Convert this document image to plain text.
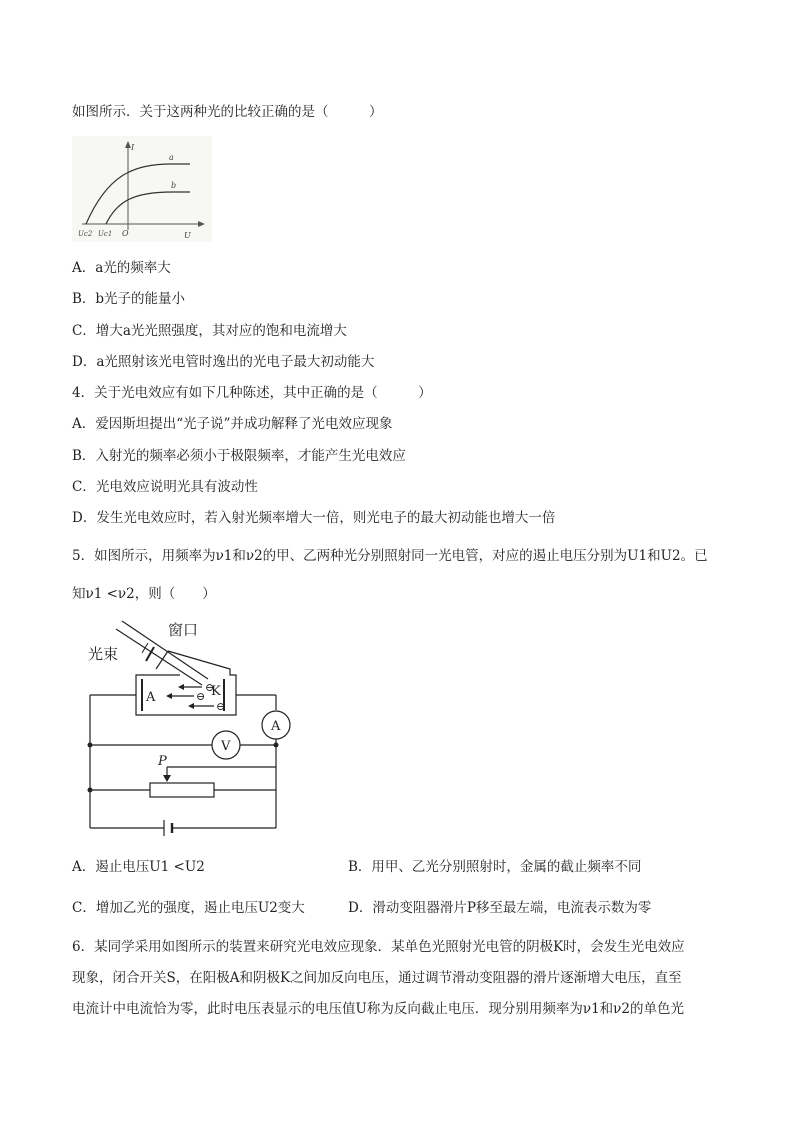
如图所示．关于这两种光的比较正确的是（　　　）
I
U
O
a
b
Uc2 Uc1
A．a光的频率大
B．b光子的能量小
C．增大a光光照强度，其对应的饱和电流增大
D．a光照射该光电管时逸出的光电子最大初动能大
4．关于光电效应有如下几种陈述，其中正确的是（　　　）
A．爱因斯坦提出“光子说”并成功解释了光电效应现象
B．入射光的频率必须小于极限频率，才能产生光电效应
C．光电效应说明光具有波动性
D．发生光电效应时，若入射光频率增大一倍，则光电子的最大初动能也增大一倍
5．如图所示，用频率为ν1和ν2的甲、乙两种光分别照射同一光电管，对应的遏止电压分别为U1和U2。已
知ν1 <ν2，则（　　）
A	K
⊖
⊖
⊖
窗口
光束
A
V
P
A．遏止电压U1 <U2	B．用甲、乙光分别照射时，金属的截止频率不同
C．增加乙光的强度，遏止电压U2变大	D．滑动变阻器滑片P移至最左端，电流表示数为零
6．某同学采用如图所示的装置来研究光电效应现象．某单色光照射光电管的阴极K时，会发生光电效应
现象，闭合开关S，在阳极A和阴极K之间加反向电压，通过调节滑动变阻器的滑片逐渐增大电压，直至
电流计中电流恰为零，此时电压表显示的电压值U称为反向截止电压．现分别用频率为ν1和ν2的单色光
